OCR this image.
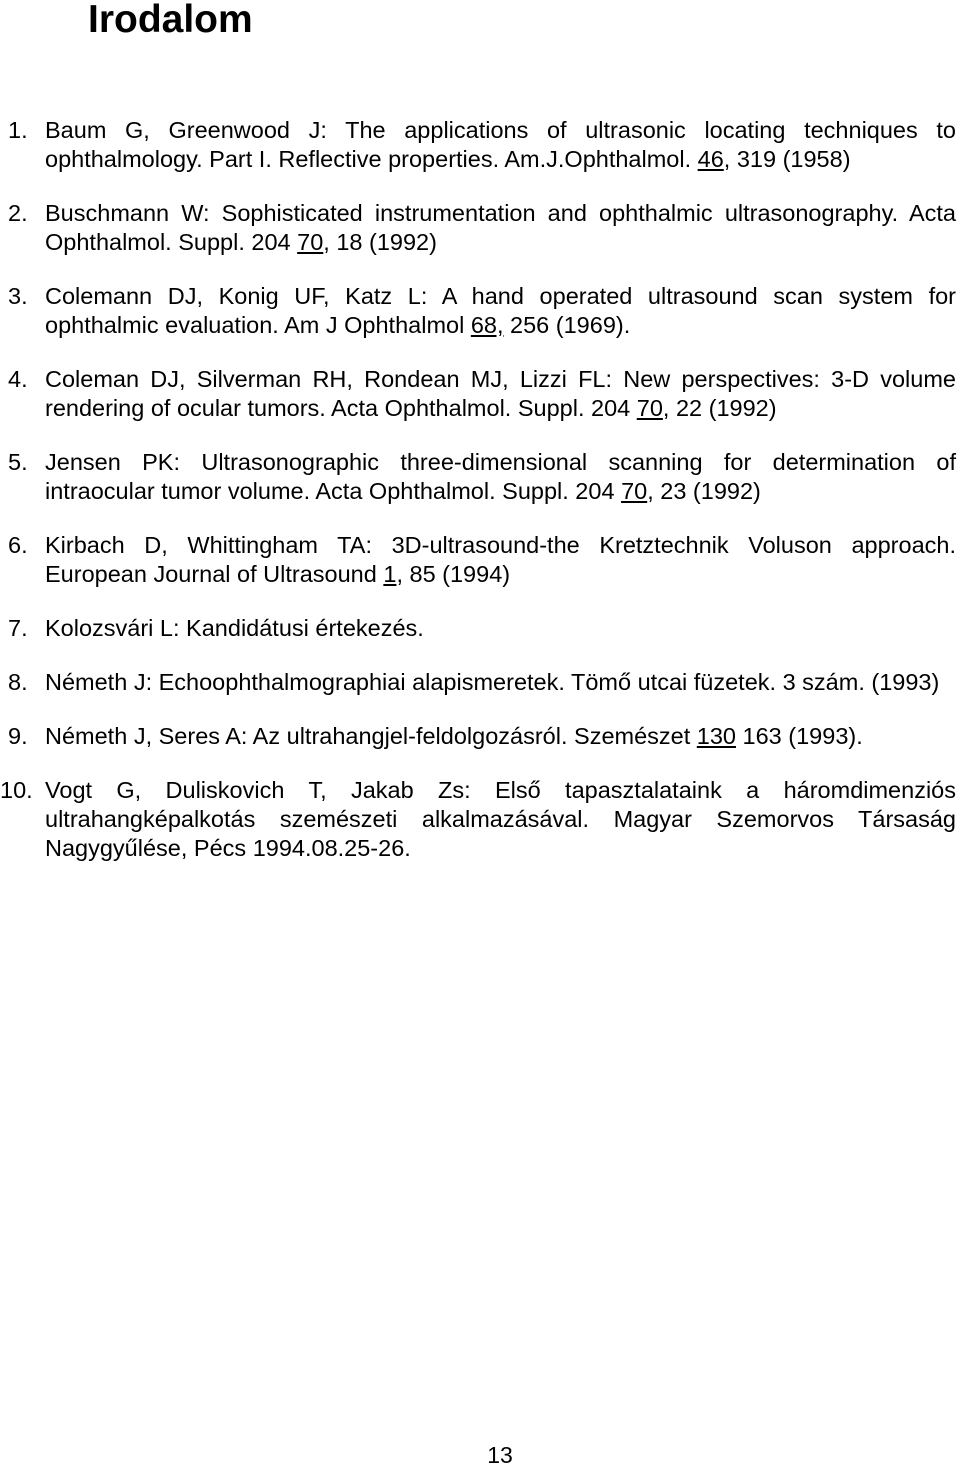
Irodalom
1. Baum G, Greenwood J: The applications of ultrasonic locating techniques to ophthalmology. Part I. Reflective properties. Am.J.Ophthalmol. 46, 319 (1958)
2. Buschmann W: Sophisticated instrumentation and ophthalmic ultrasonography. Acta Ophthalmol. Suppl. 204 70, 18 (1992)
3. Colemann DJ, Konig UF, Katz L: A hand operated ultrasound scan system for ophthalmic evaluation. Am J Ophthalmol 68, 256 (1969).
4. Coleman DJ, Silverman RH, Rondean MJ, Lizzi FL: New perspectives: 3-D volume rendering of ocular tumors. Acta Ophthalmol. Suppl. 204 70, 22 (1992)
5. Jensen PK: Ultrasonographic three-dimensional scanning for determination of intraocular tumor volume. Acta Ophthalmol. Suppl. 204 70, 23 (1992)
6. Kirbach D, Whittingham TA: 3D-ultrasound-the Kretztechnik Voluson approach. European Journal of Ultrasound 1, 85 (1994)
7. Kolozsvári L: Kandidátusi értekezés.
8. Németh J: Echoophthalmographiai alapismeretek. Tömő utcai füzetek. 3 szám. (1993)
9. Németh J, Seres A: Az ultrahangjel-feldolgozásról. Szemészet 130 163 (1993).
10. Vogt G, Duliskovich T, Jakab Zs: Első tapasztalataink a háromdimenziós ultrahangképalkotás szemészeti alkalmazásával. Magyar Szemorvos Társaság Nagygyűlése, Pécs 1994.08.25-26.
13
